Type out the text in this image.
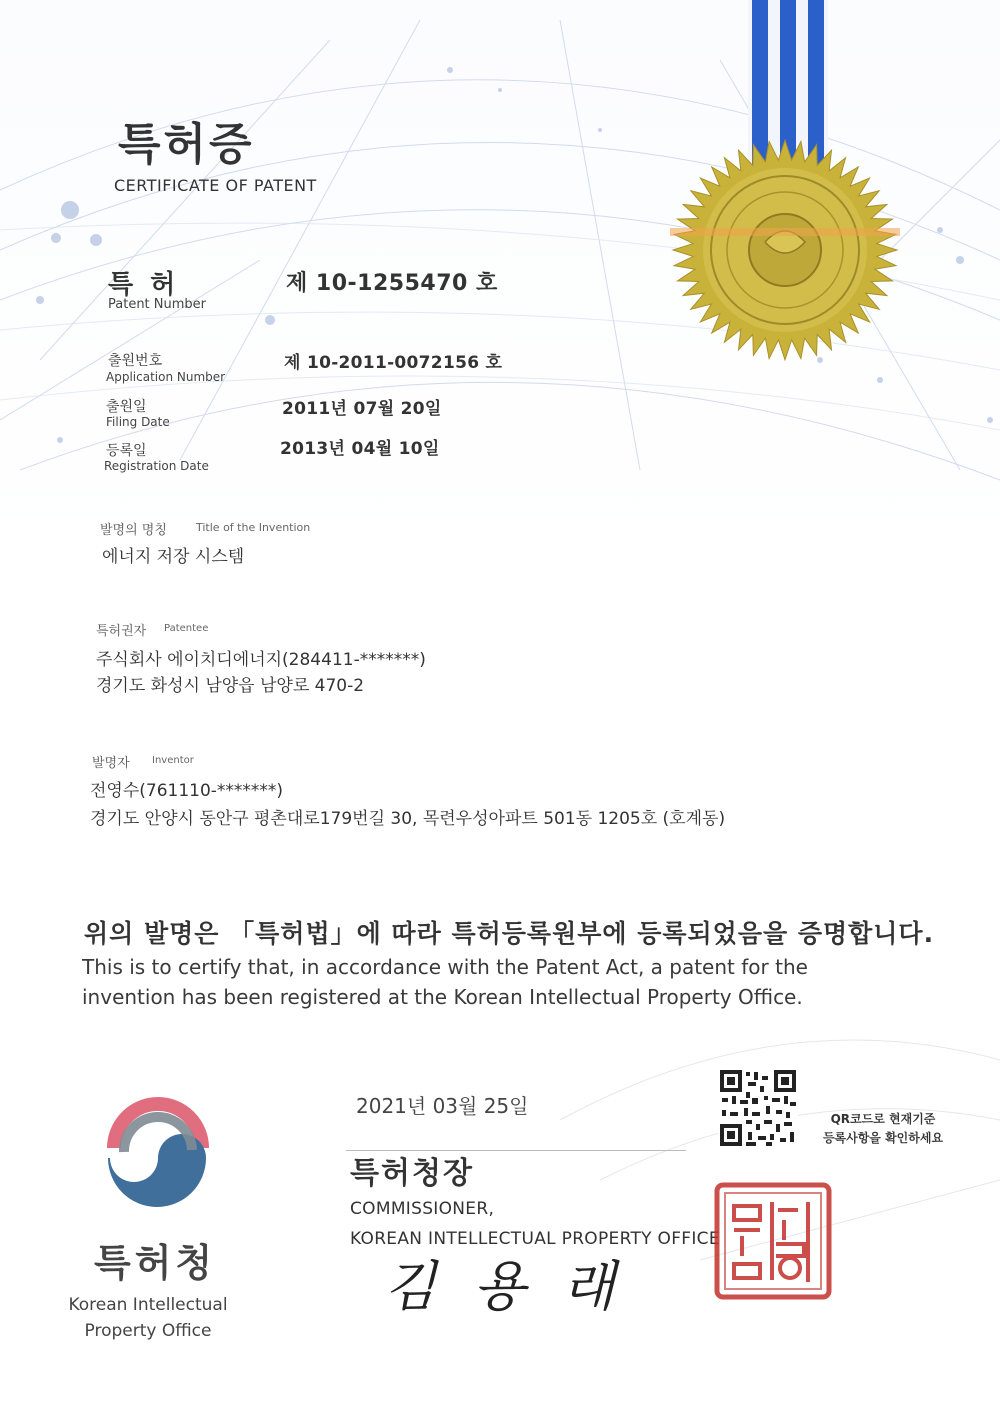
특허증
CERTIFICATE OF PATENT
특 허
Patent Number
제 10-1255470 호
출원번호
Application Number
제 10-2011-0072156 호
출원일
Filing Date
2011년 07월 20일
등록일
Registration Date
2013년 04월 10일
발명의 명칭	Title of the Invention
에너지 저장 시스템
특허권자 Patentee
주식회사 에이치디에너지(284411-*******)
경기도 화성시 남양읍 남양로 470-2
발명자 Inventor
전영수(761110-*******)
경기도 안양시 동안구 평촌대로179번길 30, 목련우성아파트 501동 1205호 (호계동)
위의 발명은 「특허법」에 따라 특허등록원부에 등록되었음을 증명합니다.
This is to certify that, in accordance with the Patent Act, a patent for the
invention has been registered at the Korean Intellectual Property Office.
2021년 03월 25일
QR코드로 현재기준
등록사항을 확인하세요
특허청장
COMMISSIONER,
KOREAN INTELLECTUAL PROPERTY OFFICE
김 용 래
특허청
Korean Intellectual
Property Office
